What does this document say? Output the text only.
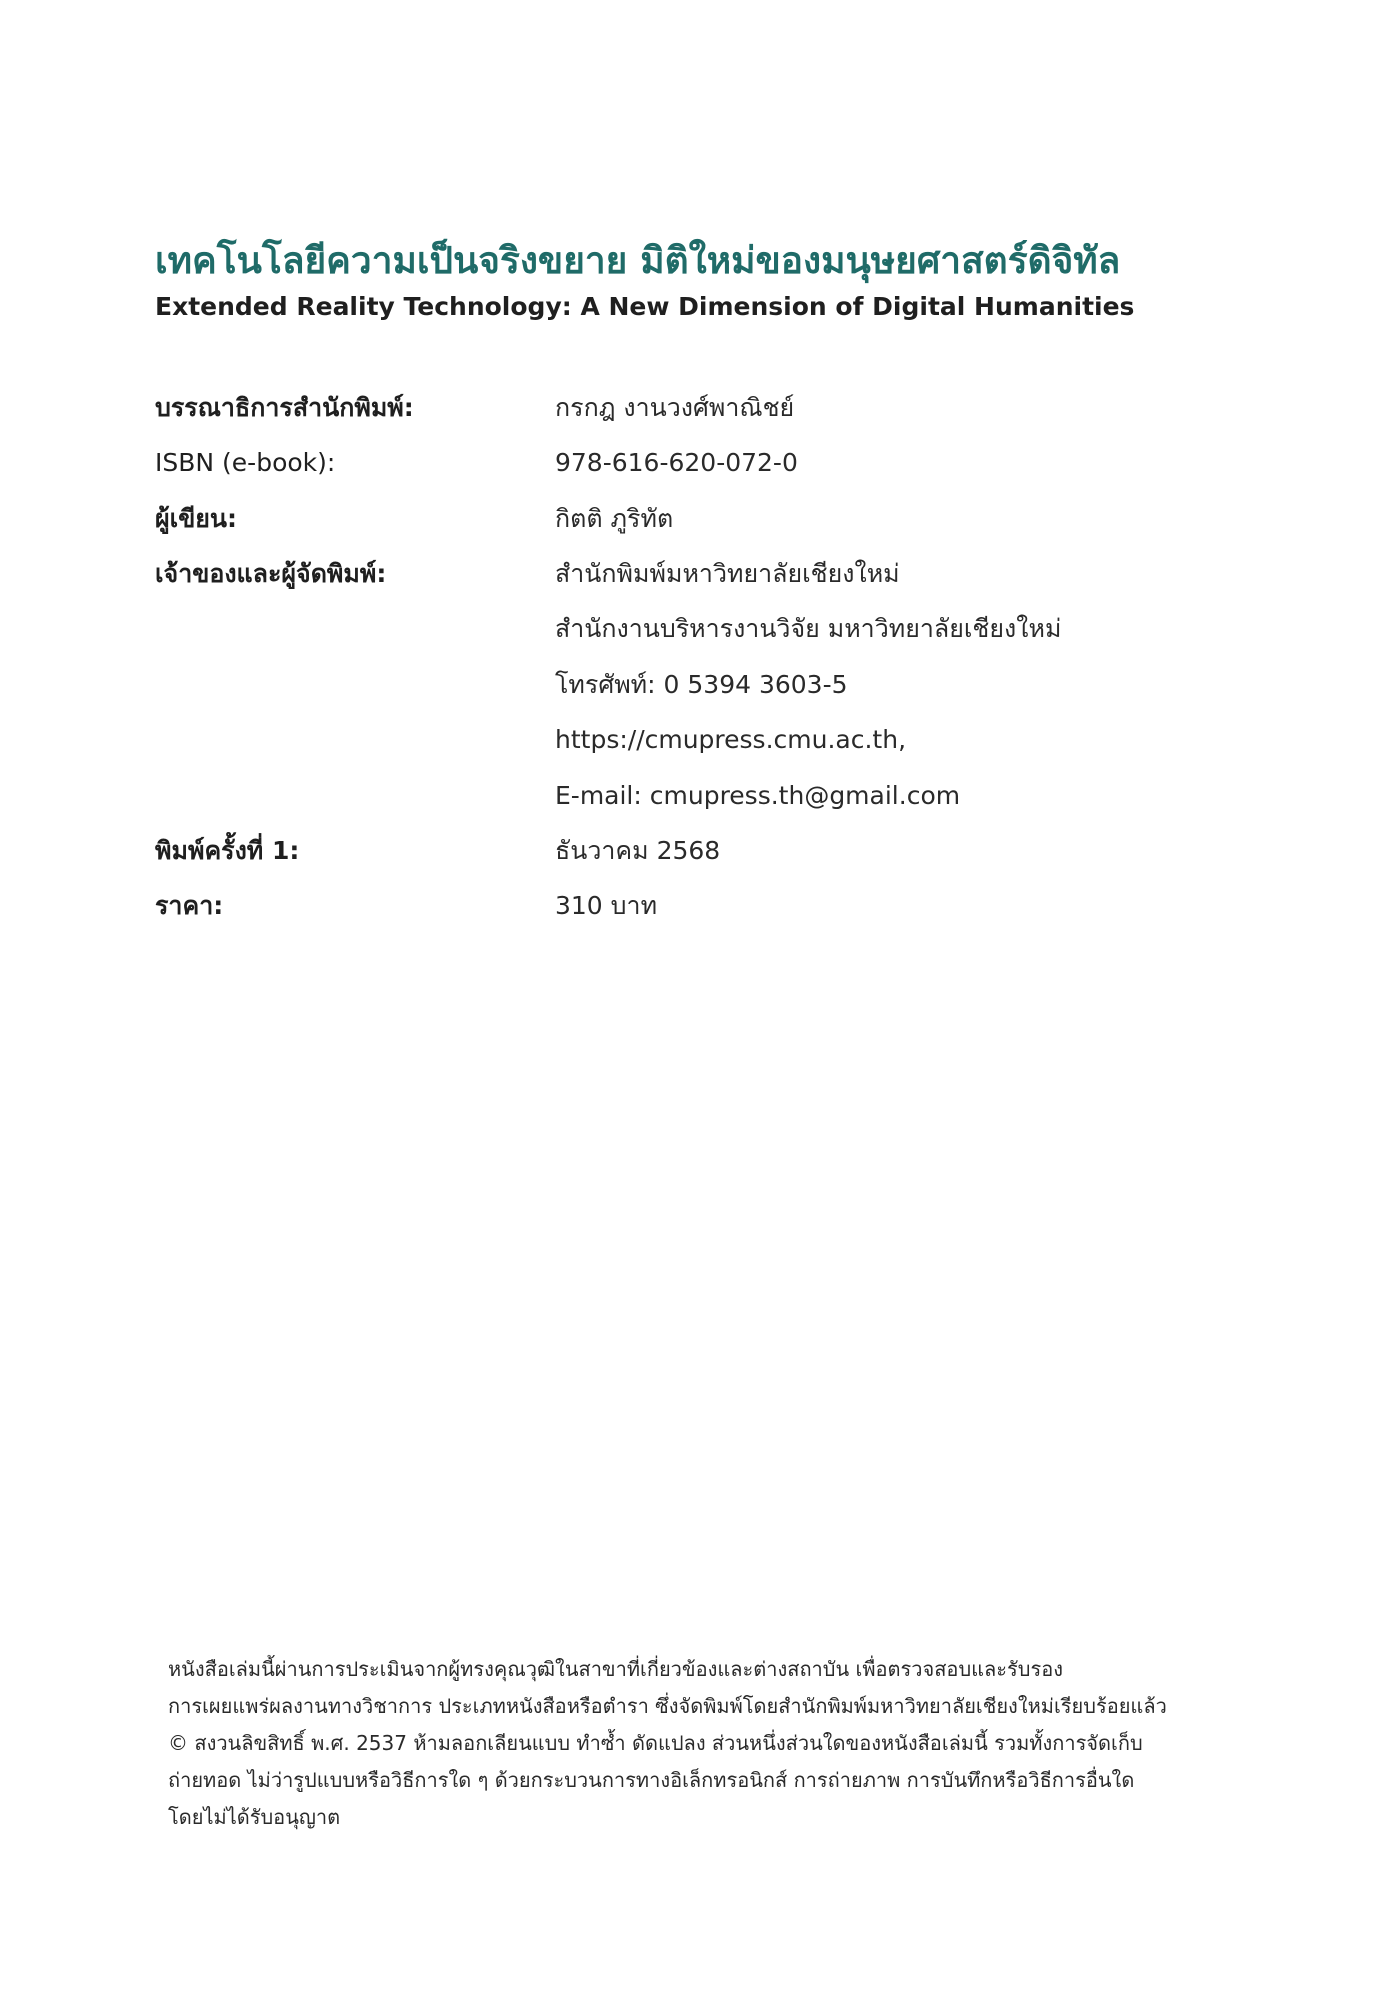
เทคโนโลยีความเป็นจริงขยาย มิติใหม่ของมนุษยศาสตร์ดิจิทัล
Extended Reality Technology: A New Dimension of Digital Humanities
บรรณาธิการสำนักพิมพ์:	กรกฎ งานวงศ์พาณิชย์
ISBN (e-book):	978-616-620-072-0
ผู้เขียน:	กิตติ ภูริทัต
เจ้าของและผู้จัดพิมพ์:	สำนักพิมพ์มหาวิทยาลัยเชียงใหม่
สำนักงานบริหารงานวิจัย มหาวิทยาลัยเชียงใหม่
โทรศัพท์: 0 5394 3603-5
https://cmupress.cmu.ac.th,
E-mail: cmupress.th@gmail.com
พิมพ์ครั้งที่ 1:	ธันวาคม 2568
ราคา:	310 บาท
หนังสือเล่มนี้ผ่านการประเมินจากผู้ทรงคุณวุฒิในสาขาที่เกี่ยวข้องและต่างสถาบัน เพื่อตรวจสอบและรับรอง
การเผยแพร่ผลงานทางวิชาการ ประเภทหนังสือหรือตำรา ซึ่งจัดพิมพ์โดยสำนักพิมพ์มหาวิทยาลัยเชียงใหม่เรียบร้อยแล้ว
© สงวนลิขสิทธิ์ พ.ศ. 2537 ห้ามลอกเลียนแบบ ทำซ้ำ ดัดแปลง ส่วนหนึ่งส่วนใดของหนังสือเล่มนี้ รวมทั้งการจัดเก็บ
ถ่ายทอด ไม่ว่ารูปแบบหรือวิธีการใด ๆ ด้วยกระบวนการทางอิเล็กทรอนิกส์ การถ่ายภาพ การบันทึกหรือวิธีการอื่นใด
โดยไม่ได้รับอนุญาต
